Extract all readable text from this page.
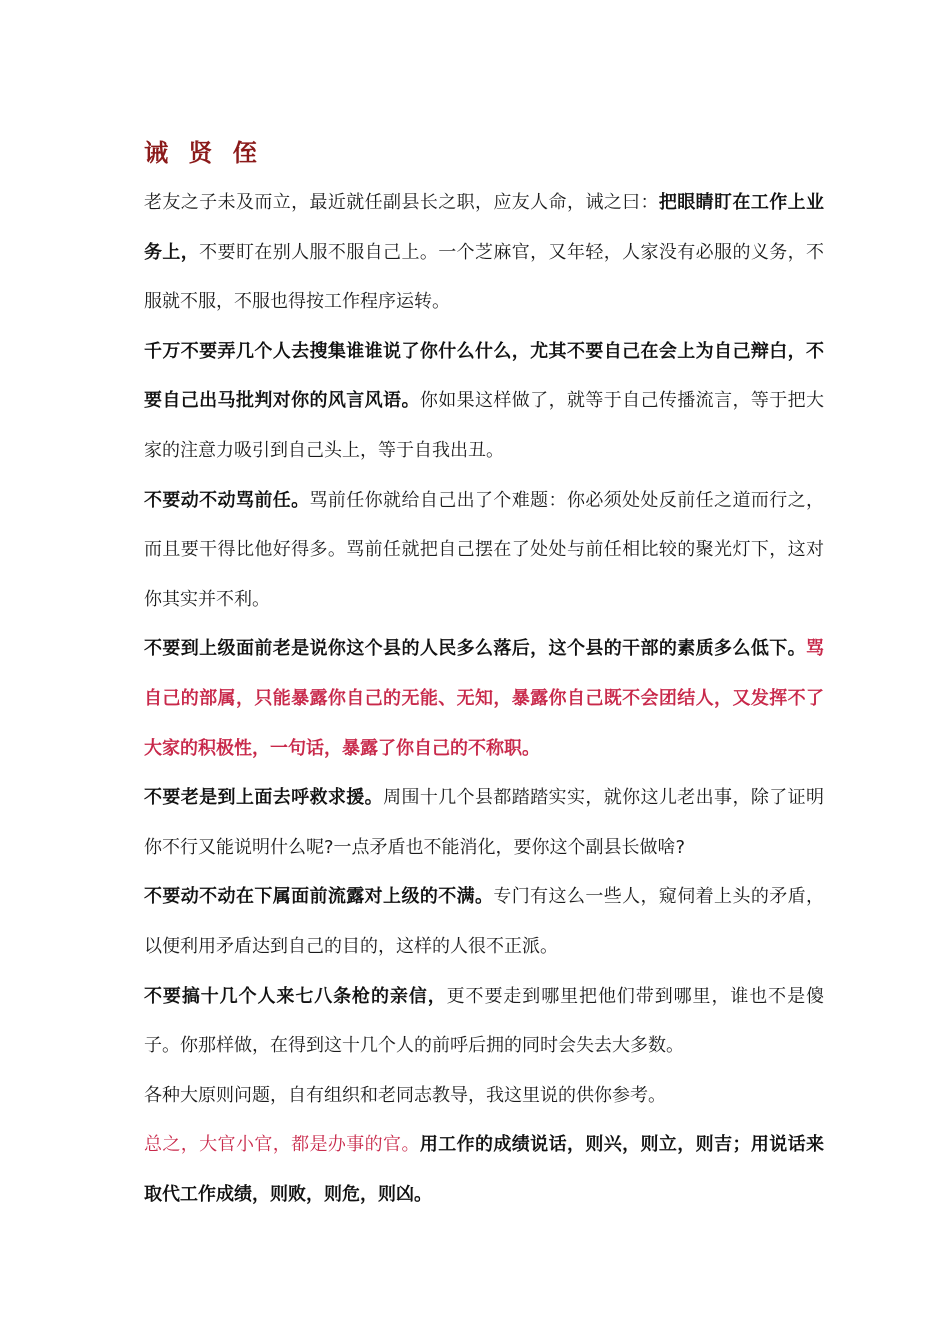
诫 贤 侄

老友之子未及而立，最近就任副县长之职，应友人命，诫之曰：把眼睛盯在工作上业务上，不要盯在别人服不服自己上。一个芝麻官，又年轻，人家没有必服的义务，不服就不服，不服也得按工作程序运转。

千万不要弄几个人去搜集谁谁说了你什么什么，尤其不要自己在会上为自己辩白，不要自己出马批判对你的风言风语。你如果这样做了，就等于自己传播流言，等于把大家的注意力吸引到自己头上，等于自我出丑。

不要动不动骂前任。骂前任你就给自己出了个难题：你必须处处反前任之道而行之，而且要干得比他好得多。骂前任就把自己摆在了处处与前任相比较的聚光灯下，这对你其实并不利。

不要到上级面前老是说你这个县的人民多么落后，这个县的干部的素质多么低下。骂自己的部属，只能暴露你自己的无能、无知，暴露你自己既不会团结人，又发挥不了大家的积极性，一句话，暴露了你自己的不称职。

不要老是到上面去呼救求援。周围十几个县都踏踏实实，就你这儿老出事，除了证明你不行又能说明什么呢?一点矛盾也不能消化，要你这个副县长做啥?

不要动不动在下属面前流露对上级的不满。专门有这么一些人，窥伺着上头的矛盾，以便利用矛盾达到自己的目的，这样的人很不正派。

不要搞十几个人来七八条枪的亲信，更不要走到哪里把他们带到哪里，谁也不是傻子。你那样做，在得到这十几个人的前呼后拥的同时会失去大多数。

各种大原则问题，自有组织和老同志教导，我这里说的供你参考。

总之，大官小官，都是办事的官。用工作的成绩说话，则兴，则立，则吉；用说话来取代工作成绩，则败，则危，则凶。
